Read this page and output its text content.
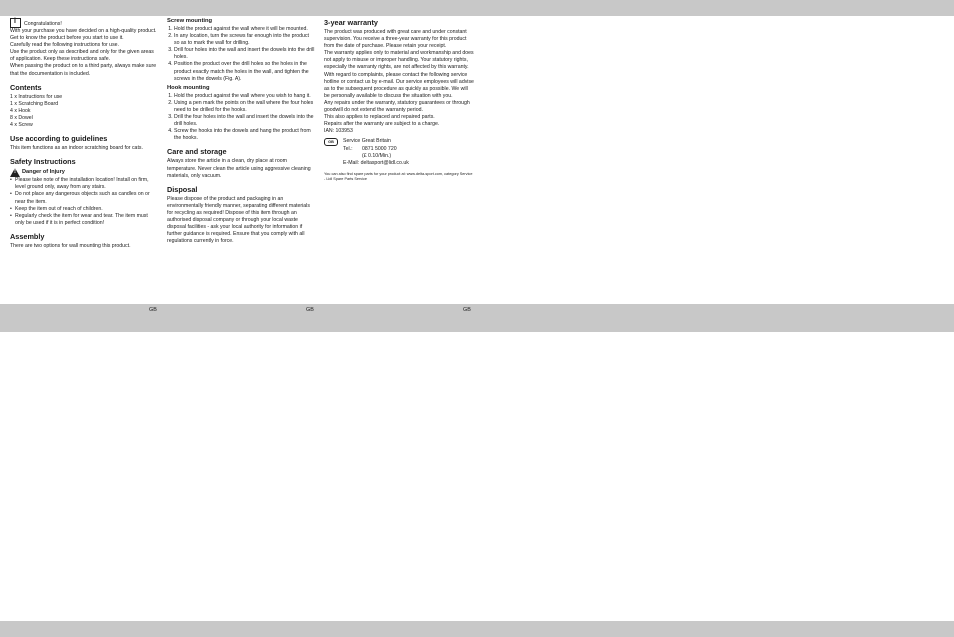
i
Congratulations!

With your purchase you have decided on a high-quality product. Get to know the product before you start to use it.

Carefully read the following instructions for use.

Use the product only as described and only for the given areas of application. Keep these instructions safe.

When passing the product on to a third party, always make sure that the documentation is included.

Contents
1 x Instructions for use
1 x Scratching Board
4 x Hook
8 x Dowel
4 x Screw
Use according to guidelines

This item functions as an indoor scratching board for cats.

Safety Instructions
!
Danger of Injury
• Please take note of the installation location! Install on firm, level ground only, away from any stairs.
• Do not place any dangerous objects such as candles on or near the item.
• Keep the item out of reach of children.
• Regularly check the item for wear and tear. The item must only be used if it is in perfect condition!
Assembly

There are two options for wall mounting this product.

Screw mounting
1. Hold the product against the wall where it will be mounted.
2. In any location, turn the screws far enough into the product so as to mark the wall for drilling.
3. Drill four holes into the wall and insert the dowels into the drill holes.
4. Position the product over the drill holes so the holes in the product exactly match the holes in the wall, and tighten the screws in the dowels (Fig. A).
Hook mounting
1. Hold the product against the wall where you wish to hang it.
2. Using a pen mark the points on the wall where the four holes need to be drilled for the hooks.
3. Drill the four holes into the wall and insert the dowels into the drill holes.
4. Screw the hooks into the dowels and hang the product from the hooks.
Care and storage

Always store the article in a clean, dry place at room temperature. Never clean the article using aggressive cleaning materials, only vacuum.

Disposal

Please dispose of the product and packaging in an environmentally friendly manner, separating different materials for recycling as required! Dispose of this item through an authorised disposal company or through your local waste disposal facilities - ask your local authority for information if further guidance is required. Ensure that you comply with all regulations currently in force.

3-year warranty

The product was produced with great care and under constant supervision. You receive a three-year warranty for this product from the date of purchase. Please retain your receipt.

The warranty applies only to material and workmanship and does not apply to misuse or improper handling. Your statutory rights, especially the warranty rights, are not affected by this warranty.

With regard to complaints, please contact the following service hotline or contact us by e-mail. Our service employees will advise as to the subsequent procedure as quickly as possible. We will be personally available to discuss the situation with you.

Any repairs under the warranty, statutory guarantees or through goodwill do not extend the warranty period.

This also applies to replaced and repaired parts.

Repairs after the warranty are subject to a charge.

IAN: 103953

GB	Service Great Britain
Tel.: 0871 5000 720
(£ 0.10/Min.)
E-Mail: deltasport@lidl.co.uk

You can also find spare parts for your product at: www.delta-sport.com, category Service - Lidl Spare Parts Service

GB	GB	GB
